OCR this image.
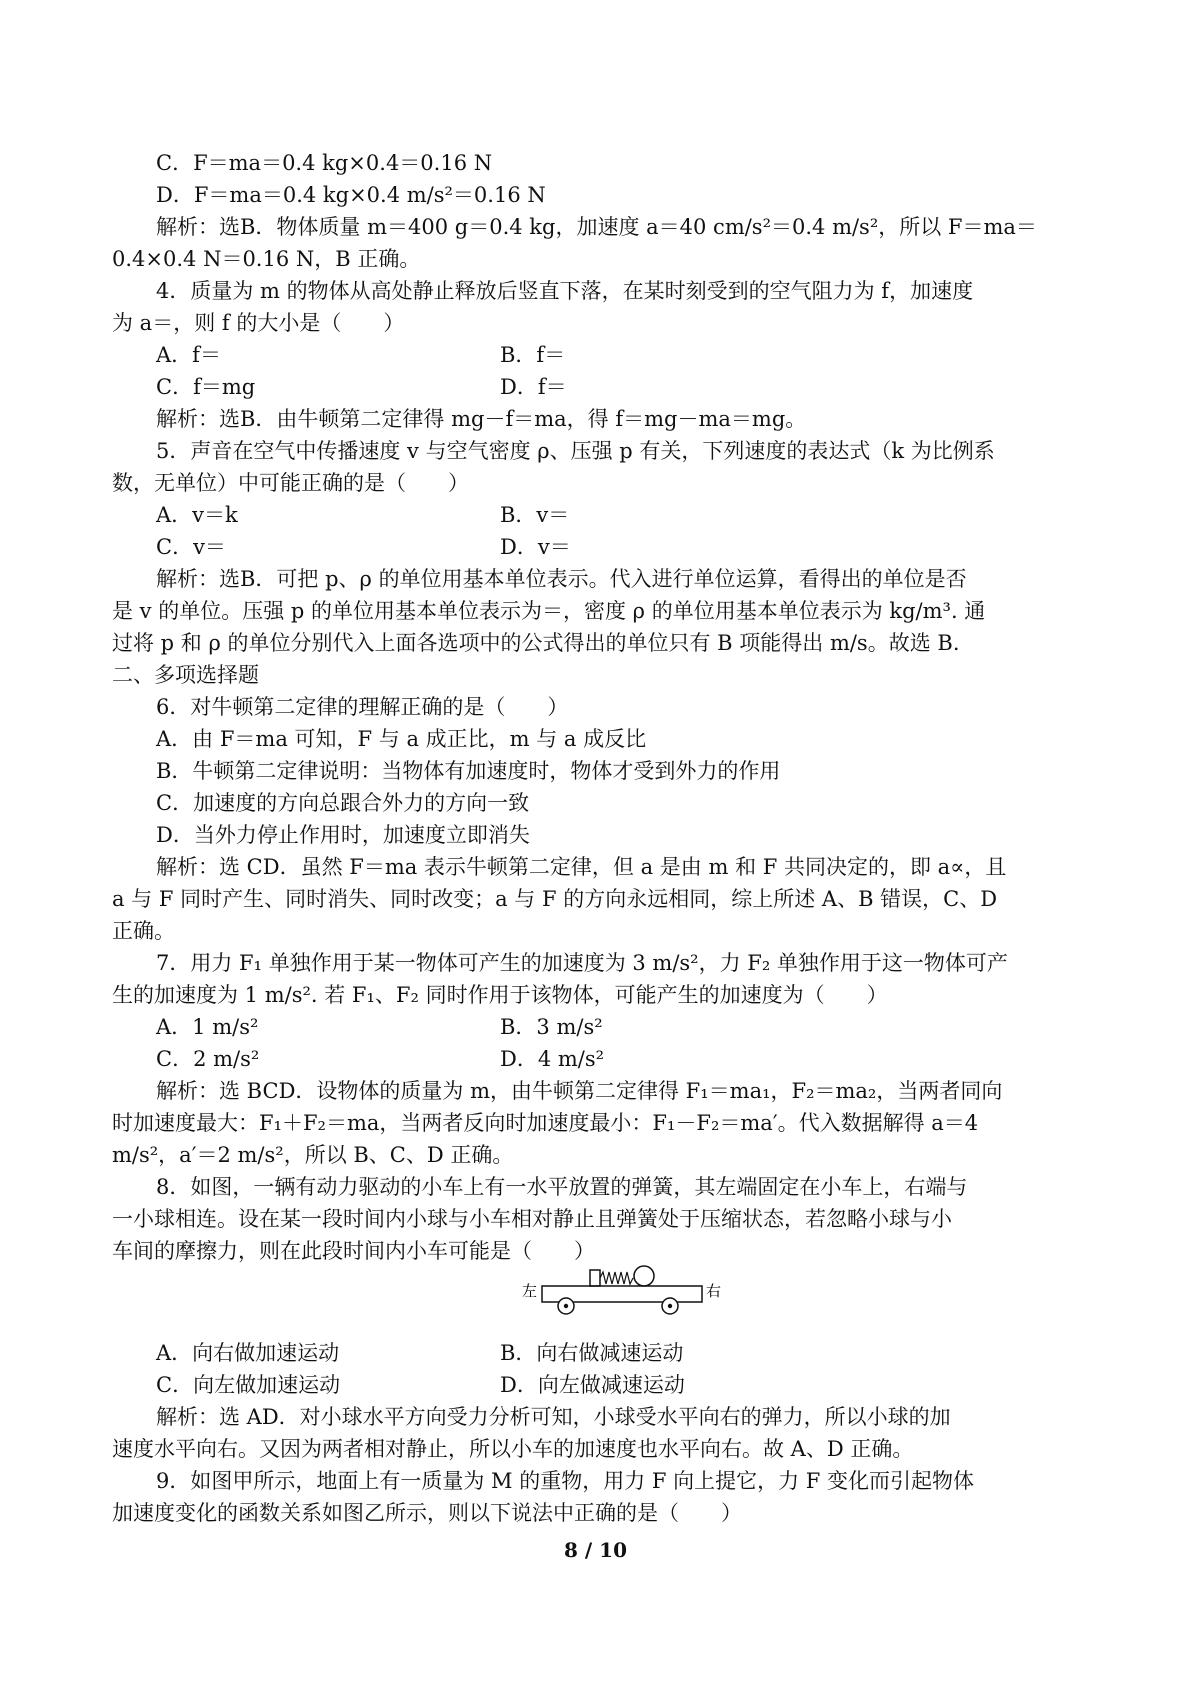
C．F＝ma＝0.4 kg×0.4＝0.16 N
D．F＝ma＝0.4 kg×0.4 m/s²＝0.16 N
解析：选B．物体质量 m＝400 g＝0.4 kg，加速度 a＝40 cm/s²＝0.4 m/s²，所以 F＝ma＝
0.4×0.4 N＝0.16 N，B 正确。
4．质量为 m 的物体从高处静止释放后竖直下落，在某时刻受到的空气阻力为 f，加速度
为 a＝，则 f 的大小是（　　）
A．f＝	B．f＝
C．f＝mg	D．f＝
解析：选B．由牛顿第二定律得 mg－f＝ma，得 f＝mg－ma＝mg。
5．声音在空气中传播速度 v 与空气密度 ρ、压强 p 有关，下列速度的表达式（k 为比例系
数，无单位）中可能正确的是（　　）
A．v＝k	B．v＝
C．v＝	D．v＝
解析：选B．可把 p、ρ 的单位用基本单位表示。代入进行单位运算，看得出的单位是否
是 v 的单位。压强 p 的单位用基本单位表示为＝，密度 ρ 的单位用基本单位表示为 kg/m³. 通
过将 p 和 ρ 的单位分别代入上面各选项中的公式得出的单位只有 B 项能得出 m/s。故选 B.
二、多项选择题
6．对牛顿第二定律的理解正确的是（　　）
A．由 F＝ma 可知，F 与 a 成正比，m 与 a 成反比
B．牛顿第二定律说明：当物体有加速度时，物体才受到外力的作用
C．加速度的方向总跟合外力的方向一致
D．当外力停止作用时，加速度立即消失
解析：选 CD．虽然 F＝ma 表示牛顿第二定律，但 a 是由 m 和 F 共同决定的，即 a∝，且
a 与 F 同时产生、同时消失、同时改变；a 与 F 的方向永远相同，综上所述 A、B 错误，C、D
正确。
7．用力 F₁ 单独作用于某一物体可产生的加速度为 3 m/s²，力 F₂ 单独作用于这一物体可产
生的加速度为 1 m/s². 若 F₁、F₂ 同时作用于该物体，可能产生的加速度为（　　）
A．1 m/s²	B．3 m/s²
C．2 m/s²	D．4 m/s²
解析：选 BCD．设物体的质量为 m，由牛顿第二定律得 F₁＝ma₁，F₂＝ma₂，当两者同向
时加速度最大：F₁＋F₂＝ma，当两者反向时加速度最小：F₁－F₂＝ma′。代入数据解得 a＝4
m/s²，a′＝2 m/s²，所以 B、C、D 正确。
8．如图，一辆有动力驱动的小车上有一水平放置的弹簧，其左端固定在小车上，右端与
一小球相连。设在某一段时间内小球与小车相对静止且弹簧处于压缩状态，若忽略小球与小
车间的摩擦力，则在此段时间内小车可能是（　　）
左	右
A．向右做加速运动	B．向右做减速运动
C．向左做加速运动	D．向左做减速运动
解析：选 AD．对小球水平方向受力分析可知，小球受水平向右的弹力，所以小球的加
速度水平向右。又因为两者相对静止，所以小车的加速度也水平向右。故 A、D 正确。
9．如图甲所示，地面上有一质量为 M 的重物，用力 F 向上提它，力 F 变化而引起物体
加速度变化的函数关系如图乙所示，则以下说法中正确的是（　　）
8 / 10
